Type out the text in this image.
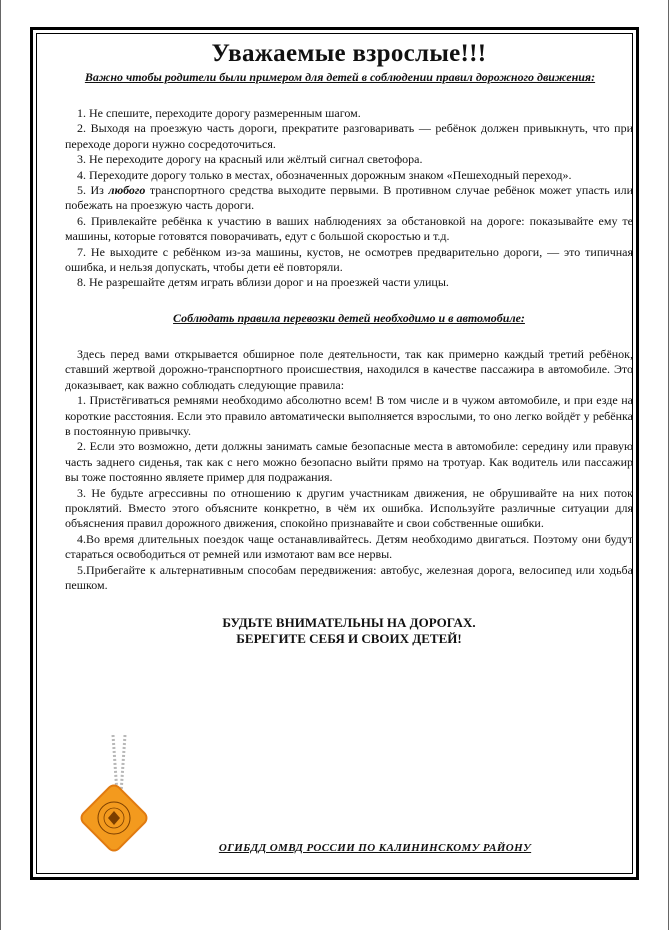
Уважаемые взрослые!!!

Важно чтобы родители были примером для детей в соблюдении правил дорожного движения:

1. Не спешите, переходите дорогу размеренным шагом.

2. Выходя на проезжую часть дороги, прекратите разговаривать — ребёнок должен привыкнуть, что при переходе дороги нужно сосредоточиться.

3. Не переходите дорогу на красный или жёлтый сигнал светофора.

4. Переходите дорогу только в местах, обозначенных дорожным знаком «Пешеходный переход».

5. Из любого транспортного средства выходите первыми. В противном случае ребёнок может упасть или побежать на проезжую часть дороги.

6. Привлекайте ребёнка к участию в ваших наблюдениях за обстановкой на дороге: показывайте ему те машины, которые готовятся поворачивать, едут с большой скоростью и т.д.

7. Не выходите с ребёнком из-за машины, кустов, не осмотрев предварительно дороги, — это типичная ошибка, и нельзя допускать, чтобы дети её повторяли.

8. Не разрешайте детям играть вблизи дорог и на проезжей части улицы.

Соблюдать правила перевозки детей необходимо и в автомобиле:

Здесь перед вами открывается обширное поле деятельности, так как примерно каждый третий ребёнок, ставший жертвой дорожно-транспортного происшествия, находился в качестве пассажира в автомобиле. Это доказывает, как важно соблюдать следующие правила:

1. Пристёгиваться ремнями необходимо абсолютно всем! В том числе и в чужом автомобиле, и при езде на короткие расстояния. Если это правило автоматически выполняется взрослыми, то оно легко войдёт у ребёнка в постоянную привычку.

2. Если это возможно, дети должны занимать самые безопасные места в автомобиле: середину или правую часть заднего сиденья, так как с него можно безопасно выйти прямо на тротуар. Как водитель или пассажир вы тоже постоянно являете пример для подражания.

3. Не будьте агрессивны по отношению к другим участникам движения, не обрушивайте на них поток проклятий. Вместо этого объясните конкретно, в чём их ошибка. Используйте различные ситуации для объяснения правил дорожного движения, спокойно признавайте и свои собственные ошибки.

4.Во время длительных поездок чаще останавливайтесь. Детям необходимо двигаться. Поэтому они будут стараться освободиться от ремней или измотают вам все нервы.

5.Прибегайте к альтернативным способам передвижения: автобус, железная дорога, велосипед или ходьба пешком.

БУДЬТЕ ВНИМАТЕЛЬНЫ НА ДОРОГАХ.
БЕРЕГИТЕ СЕБЯ И СВОИХ ДЕТЕЙ!

ОГИБДД ОМВД РОССИИ ПО КАЛИНИНСКОМУ РАЙОНУ
